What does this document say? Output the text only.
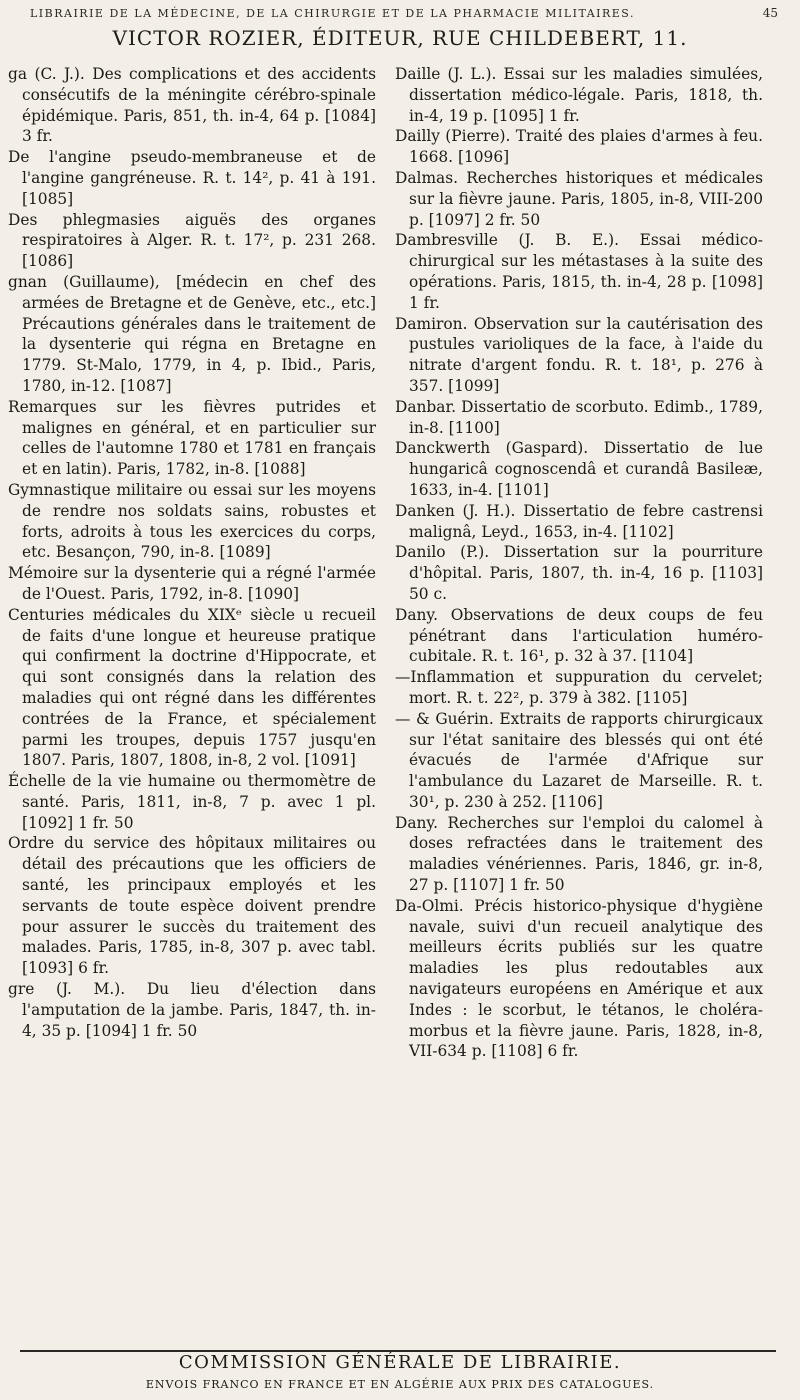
LIBRAIRIE DE LA MÉDECINE, DE LA CHIRURGIE ET DE LA PHARMACIE MILITAIRES.	45
VICTOR ROZIER, ÉDITEUR, RUE CHILDEBERT, 11.

ga (C. J.). Des complications et des accidents consécutifs de la méningite cérébro-spinale épidémique. Paris, 851, th. in-4, 64 p. [1084] 3 fr.

De l'angine pseudo-membraneuse et de l'angine gangréneuse. R. t. 14², p. 41 à 191. [1085]

Des phlegmasies aiguës des organes respiratoires à Alger. R. t. 17², p. 231 268. [1086]

gnan (Guillaume), [médecin en chef des armées de Bretagne et de Genève, etc., etc.] Précautions générales dans le traitement de la dysenterie qui régna en Bretagne en 1779. St-Malo, 1779, in 4, p. Ibid., Paris, 1780, in-12. [1087]

Remarques sur les fièvres putrides et malignes en général, et en particulier sur celles de l'automne 1780 et 1781 en français et en latin). Paris, 1782, in-8. [1088]

Gymnastique militaire ou essai sur les moyens de rendre nos soldats sains, robustes et forts, adroits à tous les exercices du corps, etc. Besançon, 790, in-8. [1089]

Mémoire sur la dysenterie qui a régné l'armée de l'Ouest. Paris, 1792, in-8. [1090]

Centuries médicales du XIXᵉ siècle u recueil de faits d'une longue et heureuse pratique qui confirment la doctrine d'Hippocrate, et qui sont consignés dans la relation des maladies qui ont régné dans les différentes contrées de la France, et spécialement parmi les troupes, depuis 1757 jusqu'en 1807. Paris, 1807, 1808, in-8, 2 vol. [1091]

Échelle de la vie humaine ou thermomètre de santé. Paris, 1811, in-8, 7 p. avec 1 pl. [1092] 1 fr. 50

Ordre du service des hôpitaux militaires ou détail des précautions que les officiers de santé, les principaux employés et les servants de toute espèce doivent prendre pour assurer le succès du traitement des malades. Paris, 1785, in-8, 307 p. avec tabl. [1093] 6 fr.

gre (J. M.). Du lieu d'élection dans l'amputation de la jambe. Paris, 1847, th. in-4, 35 p. [1094] 1 fr. 50

Daille (J. L.). Essai sur les maladies simulées, dissertation médico-légale. Paris, 1818, th. in-4, 19 p. [1095] 1 fr.

Dailly (Pierre). Traité des plaies d'armes à feu. 1668. [1096]

Dalmas. Recherches historiques et médicales sur la fièvre jaune. Paris, 1805, in-8, VIII-200 p. [1097] 2 fr. 50

Dambresville (J. B. E.). Essai médico-chirurgical sur les métastases à la suite des opérations. Paris, 1815, th. in-4, 28 p. [1098] 1 fr.

Damiron. Observation sur la cautérisation des pustules varioliques de la face, à l'aide du nitrate d'argent fondu. R. t. 18¹, p. 276 à 357. [1099]

Danbar. Dissertatio de scorbuto. Edimb., 1789, in-8. [1100]

Danckwerth (Gaspard). Dissertatio de lue hungaricâ cognoscendâ et curandâ Basileæ, 1633, in-4. [1101]

Danken (J. H.). Dissertatio de febre castrensi malignâ, Leyd., 1653, in-4. [1102]

Danilo (P.). Dissertation sur la pourriture d'hôpital. Paris, 1807, th. in-4, 16 p. [1103] 50 c.

Dany. Observations de deux coups de feu pénétrant dans l'articulation huméro-cubitale. R. t. 16¹, p. 32 à 37. [1104]

—Inflammation et suppuration du cervelet; mort. R. t. 22², p. 379 à 382. [1105]

— & Guérin. Extraits de rapports chirurgicaux sur l'état sanitaire des blessés qui ont été évacués de l'armée d'Afrique sur l'ambulance du Lazaret de Marseille. R. t. 30¹, p. 230 à 252. [1106]

Dany. Recherches sur l'emploi du calomel à doses refractées dans le traitement des maladies vénériennes. Paris, 1846, gr. in-8, 27 p. [1107] 1 fr. 50

Da-Olmi. Précis historico-physique d'hygiène navale, suivi d'un recueil analytique des meilleurs écrits publiés sur les quatre maladies les plus redoutables aux navigateurs européens en Amérique et aux Indes : le scorbut, le tétanos, le choléra-morbus et la fièvre jaune. Paris, 1828, in-8, VII-634 p. [1108] 6 fr.

COMMISSION GÉNÉRALE DE LIBRAIRIE.
ENVOIS FRANCO EN FRANCE ET EN ALGÉRIE AUX PRIX DES CATALOGUES.
